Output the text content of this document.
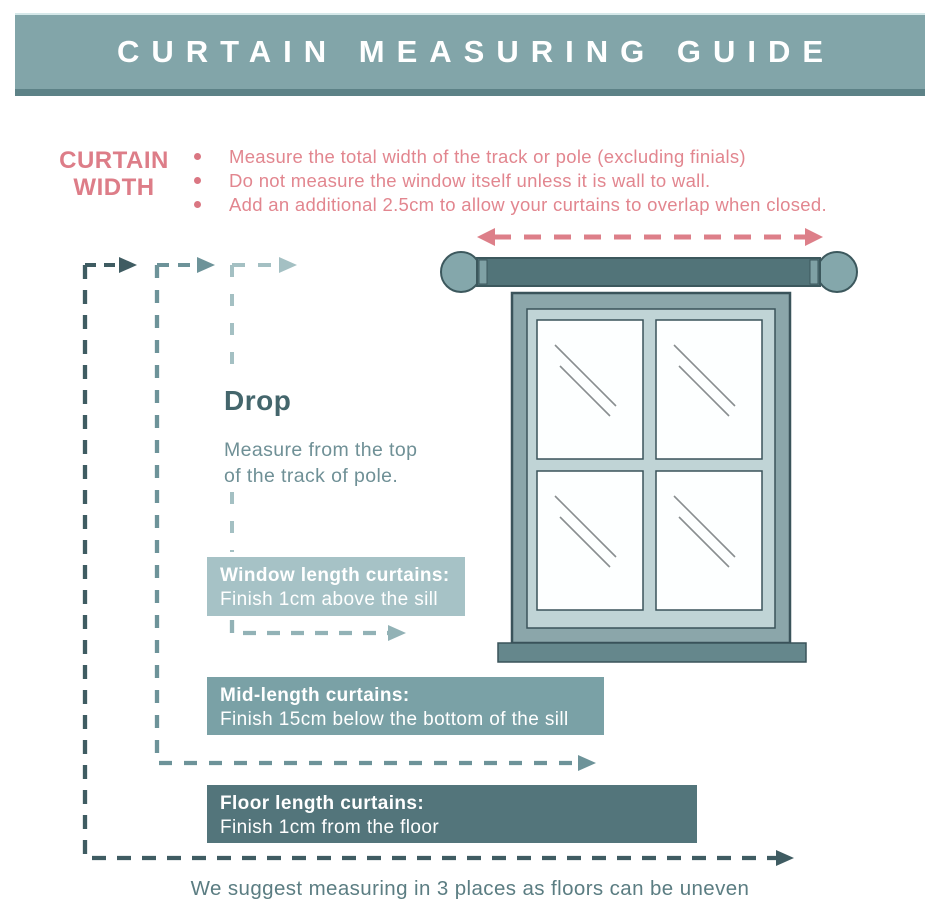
CURTAIN MEASURING GUIDE
CURTAIN
WIDTH
Measure the total width of the track or pole (excluding finials)
Do not measure the window itself unless it is wall to wall.
Add an additional 2.5cm to allow your curtains to overlap when closed.
Drop

Measure from the top
of the track of pole.

Window length curtains:
Finish 1cm above the sill
Mid-length curtains:
Finish 15cm below the bottom of the sill
Floor length curtains:
Finish 1cm from the floor
We suggest measuring in 3 places as floors can be uneven
